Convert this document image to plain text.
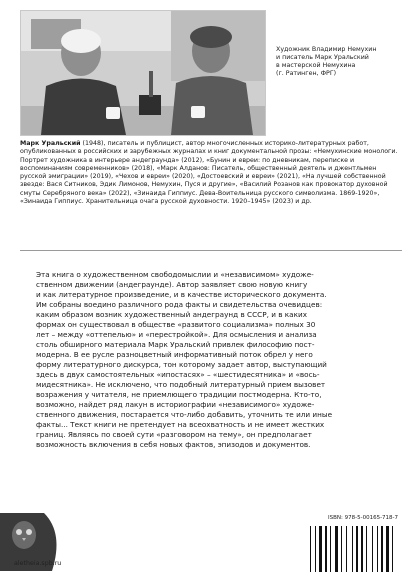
Художник Владимир Немухин
и писатель Марк Уральский
в мастерской Немухина
(г. Ратинген, ФРГ)
Марк Уральский (1948), писатель и публицист, автор многочисленных историко-литературных работ, опубликованных в российских и зарубежных журналах и книг документальной прозы: «Немухинские монологи. Портрет художника в интерьере андеграунда» (2012), «Бунин и евреи: по дневникам, переписке и воспоминаниям современников» (2018), «Марк Алданов: Писатель, общественный деятель и джентльмен русской эмиграции» (2019), «Чехов и евреи» (2020), «Достоевский и евреи» (2021), «На лучшей собственной звезде: Вася Ситников, Эдик Лимонов, Немухин, Пуся и другие», «Василий Розанов как провокатор духовной смуты Серебряного века» (2022), «Зинаида Гиппиус. Дева-Воительница русского символизма. 1869-1920», «Зинаида Гиппиус. Хранительница очага русской духовности. 1920–1945» (2023) и др.
Эта книга о художественном свободомыслии и «независимом» художе-
ственном движении (андеграунде). Автор заявляет свою новую книгу
и как литературное произведение, и в качестве исторического документа.
Им собраны воедино различного рода факты и свидетельства очевидцев:
каким образом возник художественный андеграунд в СССР, и в каких
формах он существовал в обществе «развитого социализма» полных 30
лет – между «оттепелью» и «перестройкой». Для осмысления и анализа
столь обширного материала Марк Уральский привлек философию пост-
модерна. В ее русле разноцветный информативный поток обрел у него
форму литературного дискурса, тон которому задает автор, выступающий
здесь в двух самостоятельных «ипостасях» – «шестидесятника» и «вось-
мидесятника». Не исключено, что подобный литературный прием вызовет
возражения у читателя, не приемлющего традиции постмодерна. Кто-то,
возможно, найдет ряд лакун в историографии «независимого» художе-
ственного движения, постарается что-либо добавить, уточнить те или иные
факты... Текст книги не претендует на всеохватность и не имеет жестких
границ. Являясь по своей сути «разговором на тему», он предполагает
возможность включения в себя новых фактов, эпизодов и документов.
aletheia.spb.ru
ISBN: 978-5-00165-718-7
